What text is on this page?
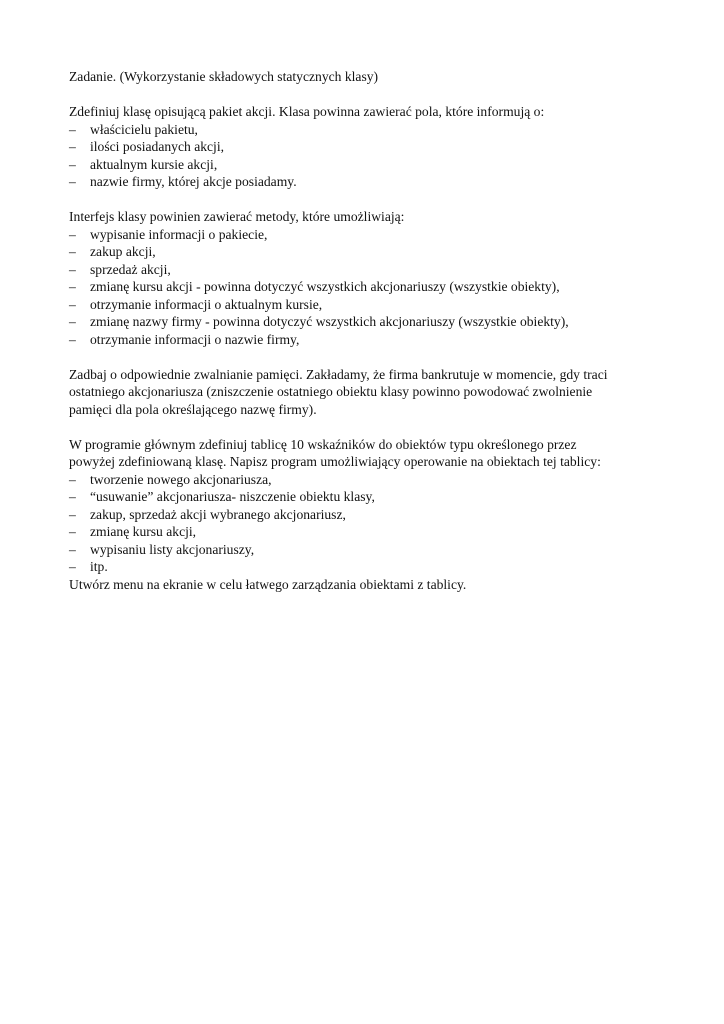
Zadanie. (Wykorzystanie składowych statycznych klasy)

Zdefiniuj klasę opisującą pakiet akcji. Klasa powinna zawierać pola, które informują o:

– właścicielu pakietu,
– ilości posiadanych akcji,
– aktualnym kursie akcji,
– nazwie firmy, której akcje posiadamy.

Interfejs klasy powinien zawierać metody, które umożliwiają:

– wypisanie informacji o pakiecie,
– zakup akcji,
– sprzedaż akcji,
– zmianę kursu akcji - powinna dotyczyć wszystkich akcjonariuszy (wszystkie obiekty),
– otrzymanie informacji o aktualnym kursie,
– zmianę nazwy firmy - powinna dotyczyć wszystkich akcjonariuszy (wszystkie obiekty),
– otrzymanie informacji o nazwie firmy,

Zadbaj o odpowiednie zwalnianie pamięci. Zakładamy, że firma bankrutuje w momencie, gdy traci
ostatniego akcjonariusza (zniszczenie ostatniego obiektu klasy powinno powodować zwolnienie
pamięci dla pola określającego nazwę firmy).

W programie głównym zdefiniuj tablicę 10 wskaźników do obiektów typu określonego przez
powyżej zdefiniowaną klasę. Napisz program umożliwiający operowanie na obiektach tej tablicy:

– tworzenie nowego akcjonariusza,
– “usuwanie” akcjonariusza- niszczenie obiektu klasy,
– zakup, sprzedaż akcji wybranego akcjonariusz,
– zmianę kursu akcji,
– wypisaniu listy akcjonariuszy,
– itp.

Utwórz menu na ekranie w celu łatwego zarządzania obiektami z tablicy.
